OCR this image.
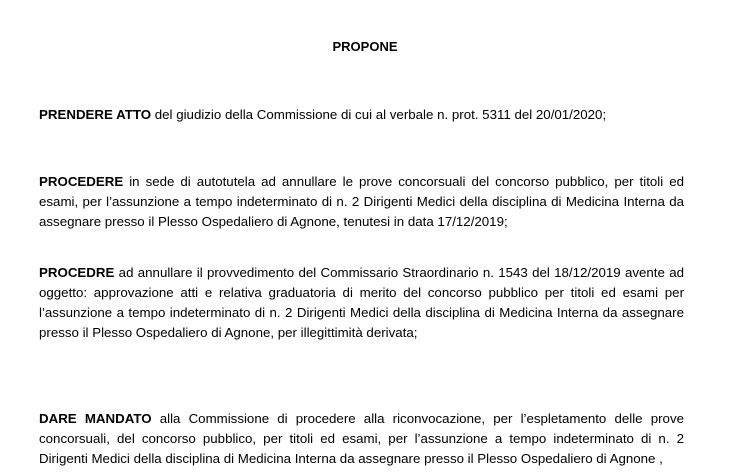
PROPONE

PRENDERE ATTO del giudizio della Commissione di cui al verbale n. prot. 5311 del 20/01/2020;

PROCEDERE in sede di autotutela ad annullare le prove concorsuali del concorso pubblico, per titoli ed esami, per l’assunzione a tempo indeterminato di n. 2 Dirigenti Medici della disciplina di Medicina Interna da assegnare presso il Plesso Ospedaliero di Agnone, tenutesi in data 17/12/2019;

PROCEDRE ad annullare il provvedimento del Commissario Straordinario n. 1543 del 18/12/2019 avente ad oggetto: approvazione atti e relativa graduatoria di merito del concorso pubblico per titoli ed esami per l’assunzione a tempo indeterminato di n. 2 Dirigenti Medici della disciplina di Medicina Interna da assegnare presso il Plesso Ospedaliero di Agnone, per illegittimità derivata;

DARE MANDATO alla Commissione di procedere alla riconvocazione, per l’espletamento delle prove concorsuali, del concorso pubblico, per titoli ed esami, per l’assunzione a tempo indeterminato di n. 2 Dirigenti Medici della disciplina di Medicina Interna da assegnare presso il Plesso Ospedaliero di Agnone ,
